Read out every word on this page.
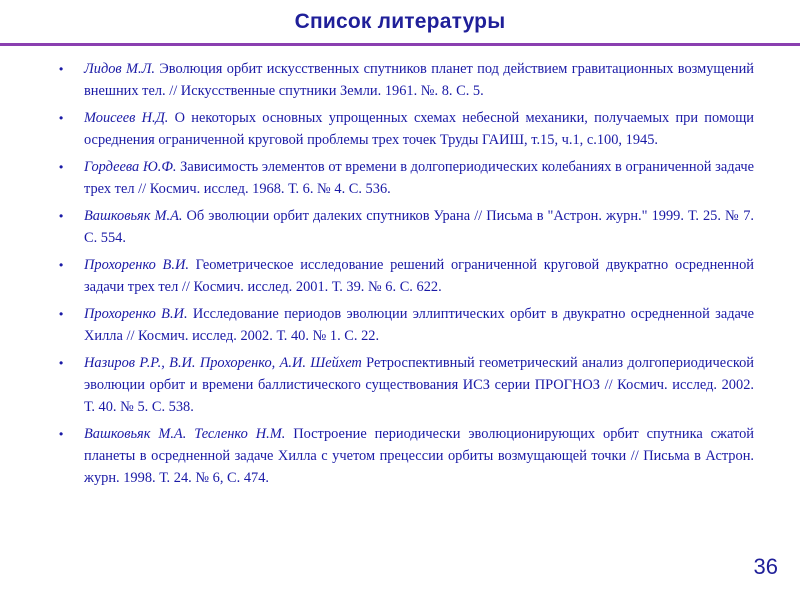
Список литературы
• Лидов М.Л. Эволюция орбит искусственных спутников планет под действием гравитационных возмущений внешних тел. // Искусственные спутники Земли. 1961. №. 8. С. 5.
• Моисеев Н.Д. О некоторых основных упрощенных схемах небесной механики, получаемых при помощи осреднения ограниченной круговой проблемы трех точек Труды ГАИШ, т.15, ч.1, с.100, 1945.
• Гордеева Ю.Ф. Зависимость элементов от времени в долгопериодических колебаниях в ограниченной задаче трех тел // Космич. исслед. 1968. Т. 6. № 4. С. 536.
• Вашковьяк М.А. Об эволюции орбит далеких спутников Урана // Письма в "Астрон. журн." 1999. Т. 25. № 7. С. 554.
• Прохоренко В.И. Геометрическое исследование решений ограниченной круговой двукратно осредненной задачи трех тел // Космич. исслед. 2001. Т. 39. № 6. С. 622.
• Прохоренко В.И. Исследование периодов эволюции эллиптических орбит в двукратно осредненной задаче Хилла // Космич. исслед. 2002. Т. 40. № 1. С. 22.
• Назиров Р.Р., В.И. Прохоренко, А.И. Шейхет Ретроспективный геометрический анализ долгопериодической эволюции орбит и времени баллистического существования ИСЗ серии ПРОГНОЗ // Космич. исслед. 2002. Т. 40. № 5. С. 538.
• Вашковьяк М.А. Тесленко Н.М. Построение периодически эволюционирующих орбит спутника сжатой планеты в осредненной задаче Хилла с учетом прецессии орбиты возмущающей точки // Письма в Астрон. журн. 1998. Т. 24. № 6, С. 474.
36
